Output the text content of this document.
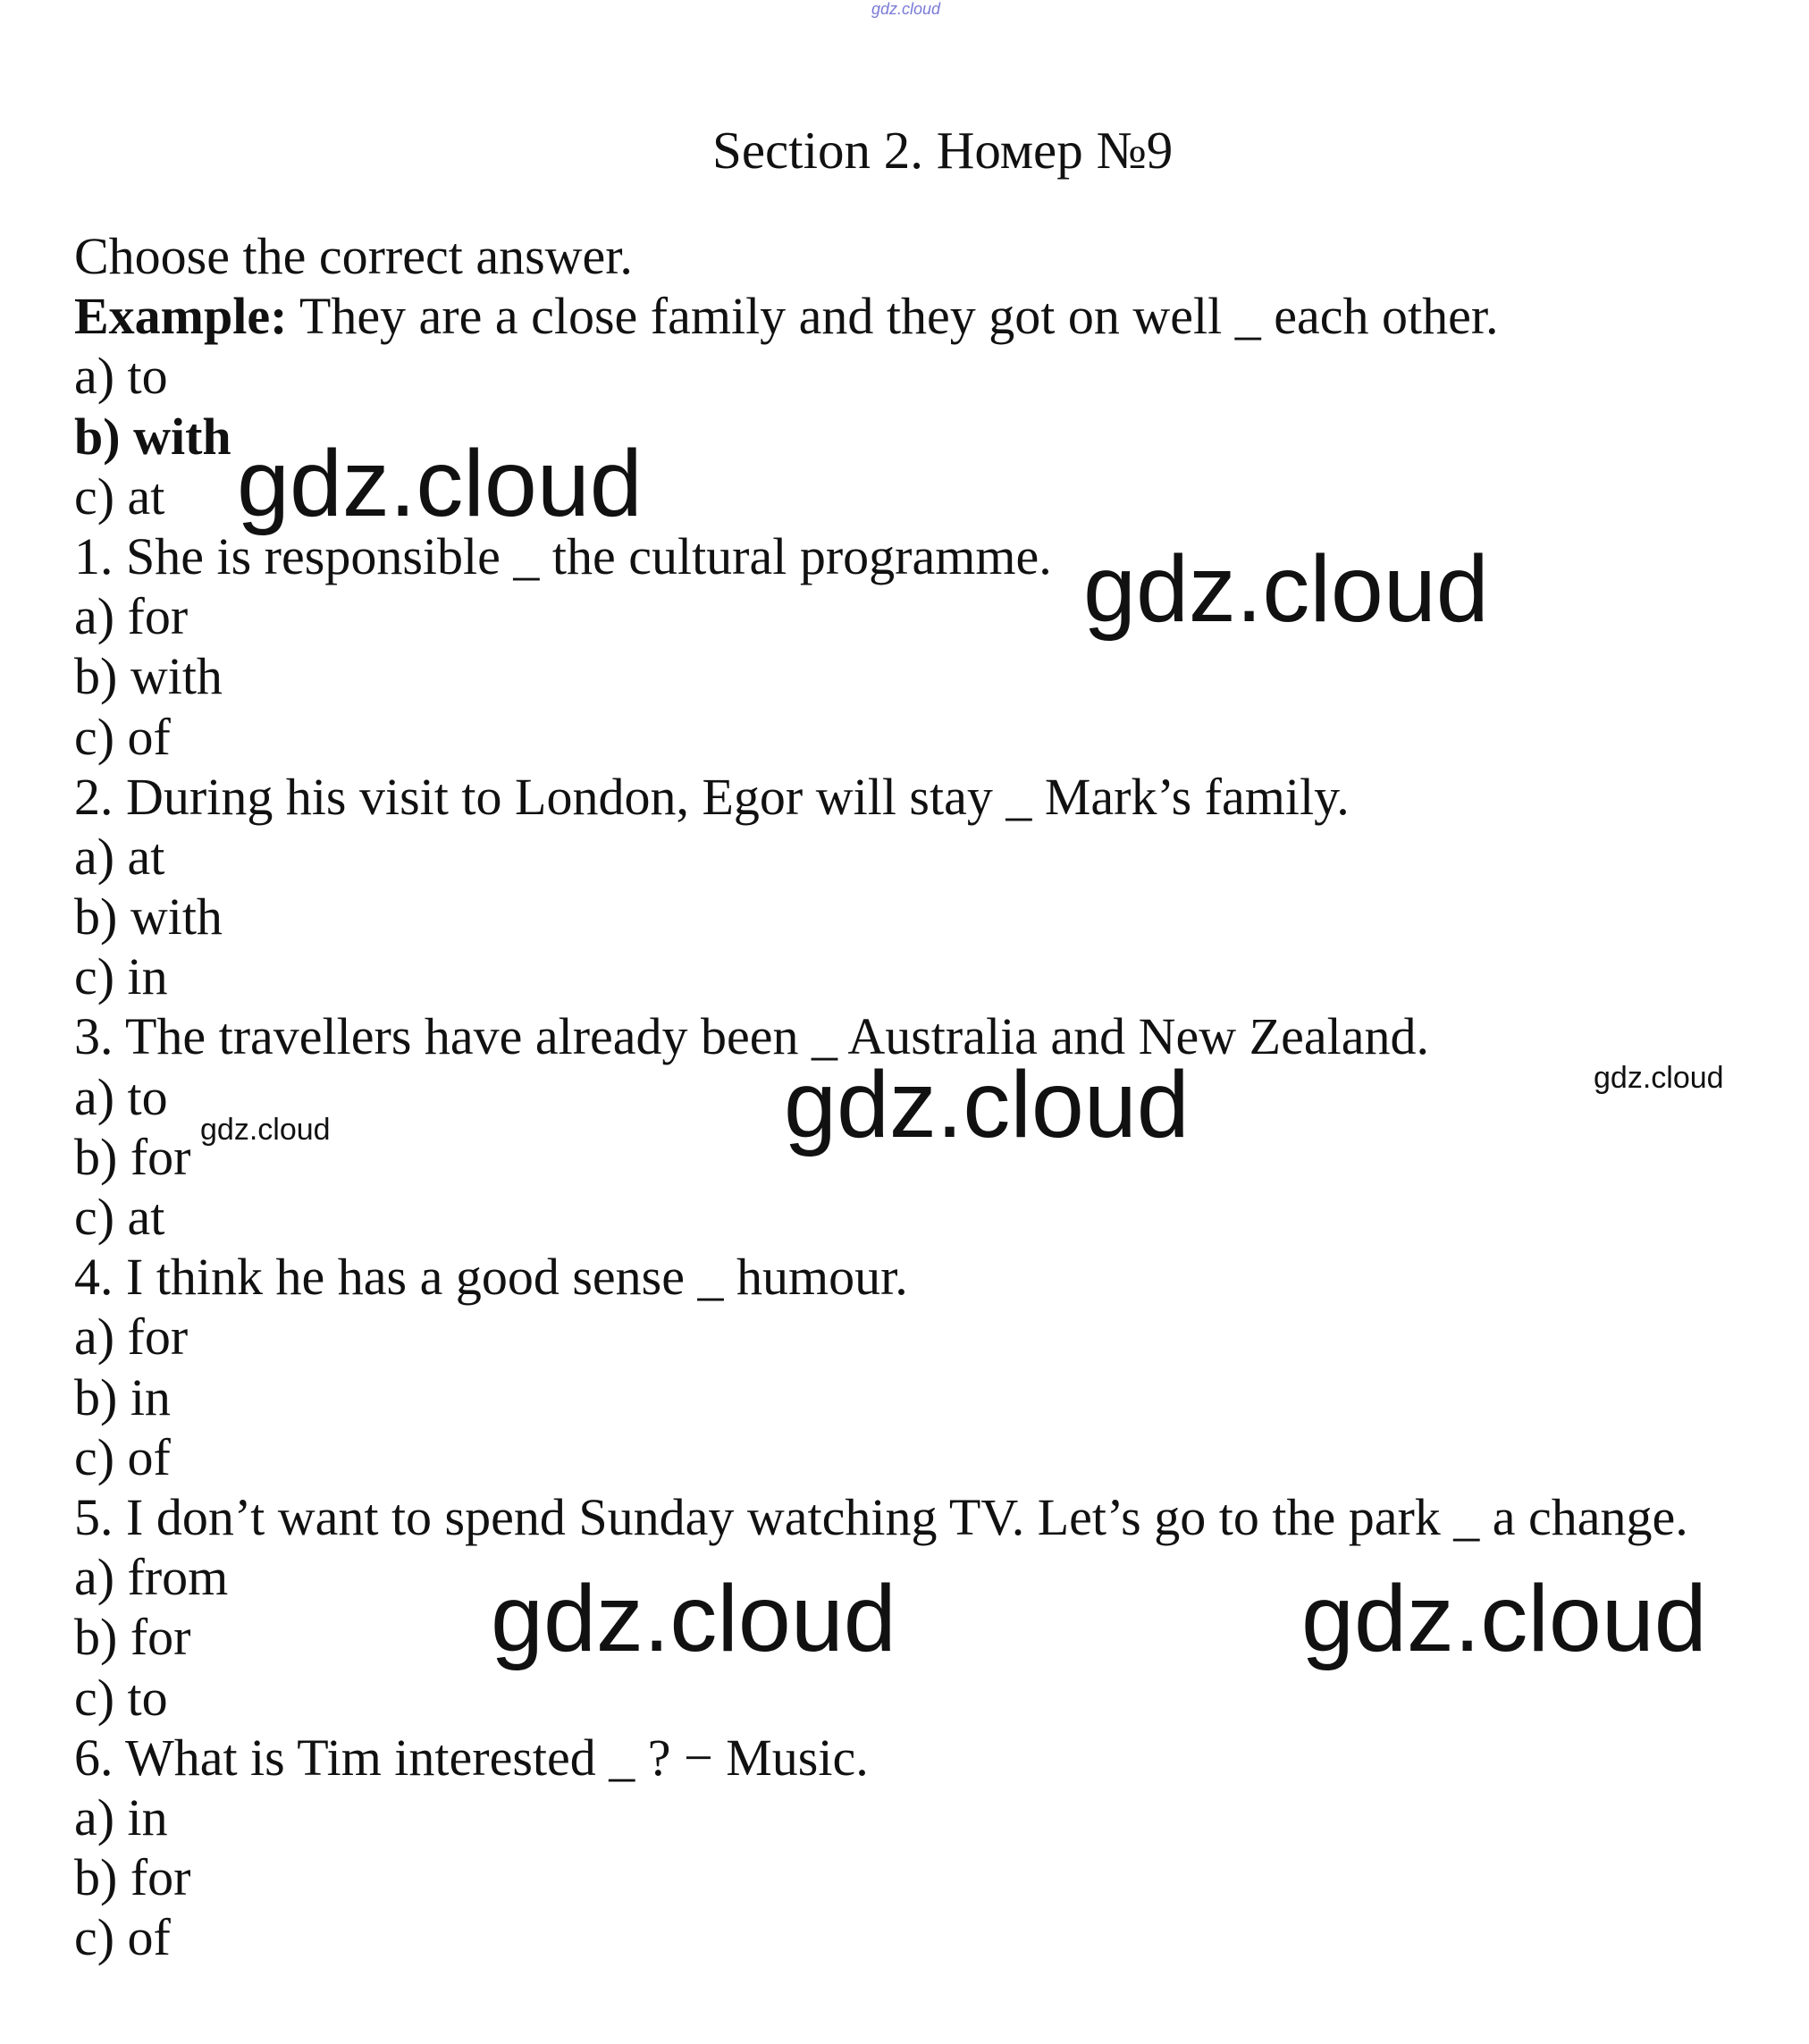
gdz.cloud
Section 2. Номер №9
Choose the correct answer.
Example: They are a close family and they got on well _ each other.
a) to
b) with
c) at
1. She is responsible _ the cultural programme.
a) for
b) with
c) of
2. During his visit to London, Egor will stay _ Mark’s family.
a) at
b) with
c) in
3. The travellers have already been _ Australia and New Zealand.
a) to
b) for
c) at
4. I think he has a good sense _ humour.
a) for
b) in
c) of
5. I don’t want to spend Sunday watching TV. Let’s go to the park _ a change.
a) from
b) for
c) to
6. What is Tim interested _ ? − Music.
a) in
b) for
c) of
gdz.cloud
gdz.cloud
gdz.cloud
gdz.cloud
gdz.cloud
gdz.cloud	gdz.cloud
